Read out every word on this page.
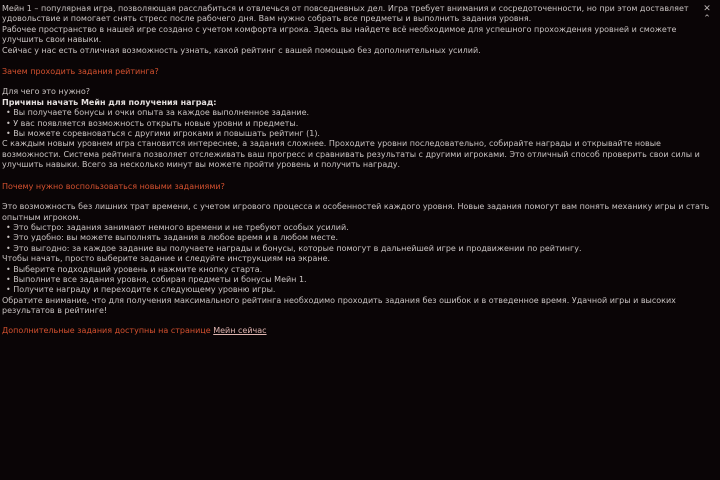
Мейн 1 – популярная игра, позволяющая расслабиться и отвлечься от повседневных дел. Игра требует внимания и сосредоточенности, но при этом доставляет удовольствие и помогает снять стресс после рабочего дня. Вам нужно собрать все предметы и выполнить задания уровня.

Рабочее пространство в нашей игре создано с учетом комфорта игрока. Здесь вы найдете всё необходимое для успешного прохождения уровней и сможете улучшить свои навыки.

Сейчас у нас есть отличная возможность узнать, какой рейтинг с вашей помощью без дополнительных усилий.

✕
⌃

Зачем проходить задания рейтинга?

Для чего это нужно?

Причины начать Мейн для получения наград:

• Вы получаете бонусы и очки опыта за каждое выполненное задание.
• У вас появляется возможность открыть новые уровни и предметы.
• Вы можете соревноваться с другими игроками и повышать рейтинг (1).

С каждым новым уровнем игра становится интереснее, а задания сложнее. Проходите уровни последовательно, собирайте награды и открывайте новые возможности. Система рейтинга позволяет отслеживать ваш прогресс и сравнивать результаты с другими игроками. Это отличный способ проверить свои силы и улучшить навыки. Всего за несколько минут вы можете пройти уровень и получить награду.

Почему нужно воспользоваться новыми заданиями?

Это возможность без лишних трат времени, с учетом игрового процесса и особенностей каждого уровня. Новые задания помогут вам понять механику игры и стать опытным игроком.

• Это быстро: задания занимают немного времени и не требуют особых усилий.
• Это удобно: вы можете выполнять задания в любое время и в любом месте.
• Это выгодно: за каждое задание вы получаете награды и бонусы, которые помогут в дальнейшей игре и продвижении по рейтингу.

Чтобы начать, просто выберите задание и следуйте инструкциям на экране.

• Выберите подходящий уровень и нажмите кнопку старта.
• Выполните все задания уровня, собирая предметы и бонусы Мейн 1.
• Получите награду и переходите к следующему уровню игры.

Обратите внимание, что для получения максимального рейтинга необходимо проходить задания без ошибок и в отведенное время. Удачной игры и высоких результатов в рейтинге!

Дополнительные задания доступны на странице Мейн сейчас
